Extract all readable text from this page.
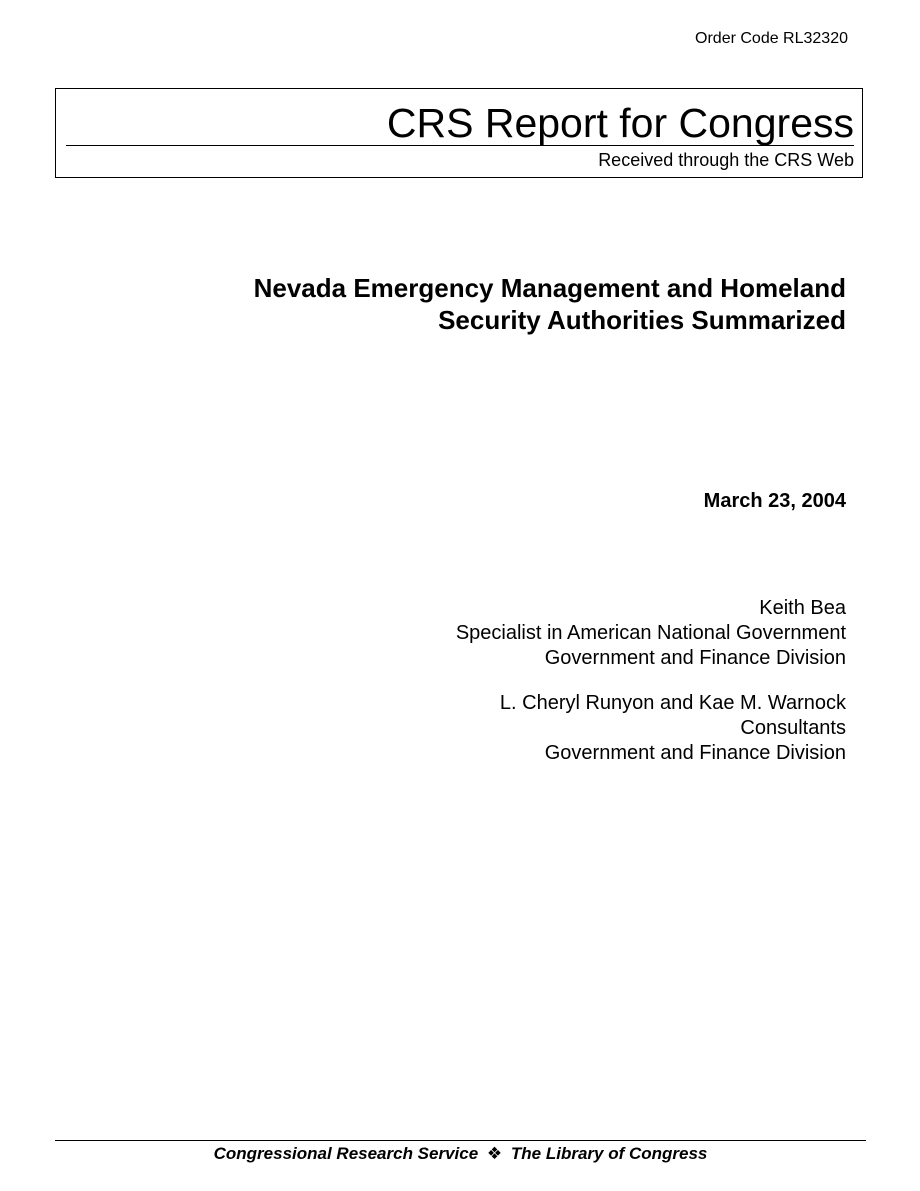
Order Code RL32320
CRS Report for Congress
Received through the CRS Web
Nevada Emergency Management and Homeland
Security Authorities Summarized
March 23, 2004
Keith Bea
Specialist in American National Government
Government and Finance Division
L. Cheryl Runyon and Kae M. Warnock
Consultants
Government and Finance Division
Congressional Research Service ❖ The Library of Congress
